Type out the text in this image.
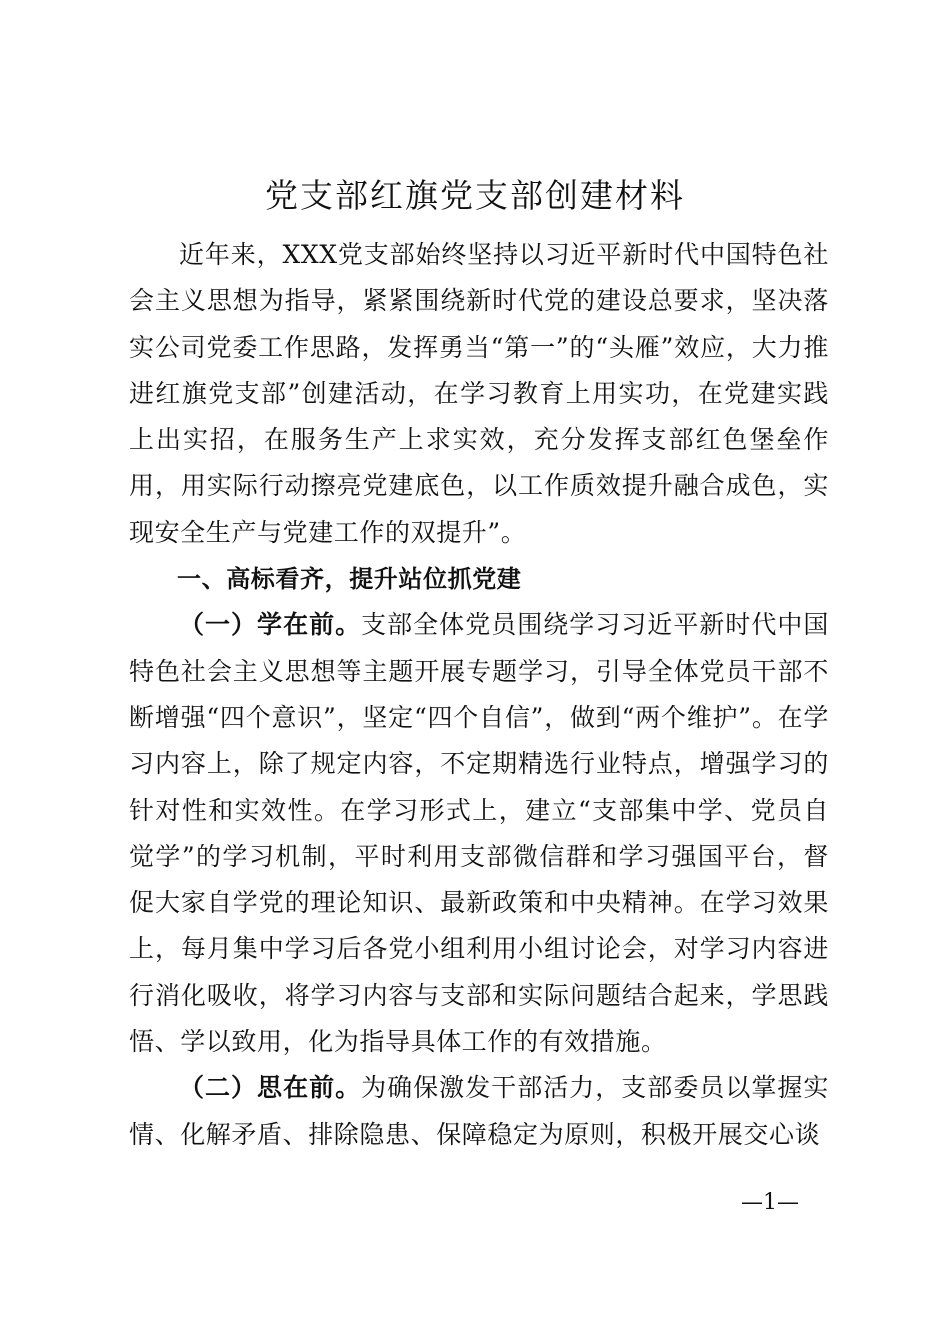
党支部红旗党支部创建材料

近年来，XXX党支部始终坚持以习近平新时代中国特色社会主义思想为指导，紧紧围绕新时代党的建设总要求，坚决落实公司党委工作思路，发挥勇当“第一”的“头雁”效应，大力推进红旗党支部”创建活动，在学习教育上用实功，在党建实践上出实招，在服务生产上求实效，充分发挥支部红色堡垒作用，用实际行动擦亮党建底色，以工作质效提升融合成色，实现安全生产与党建工作的双提升”。

一、高标看齐，提升站位抓党建

（一）学在前。支部全体党员围绕学习习近平新时代中国特色社会主义思想等主题开展专题学习，引导全体党员干部不断增强“四个意识”，坚定“四个自信”，做到“两个维护”。在学习内容上，除了规定内容，不定期精选行业特点，增强学习的针对性和实效性。在学习形式上，建立“支部集中学、党员自觉学”的学习机制，平时利用支部微信群和学习强国平台，督促大家自学党的理论知识、最新政策和中央精神。在学习效果上，每月集中学习后各党小组利用小组讨论会，对学习内容进行消化吸收，将学习内容与支部和实际问题结合起来，学思践悟、学以致用，化为指导具体工作的有效措施。

（二）思在前。为确保激发干部活力，支部委员以掌握实情、化解矛盾、排除隐患、保障稳定为原则，积极开展交心谈

—1—
